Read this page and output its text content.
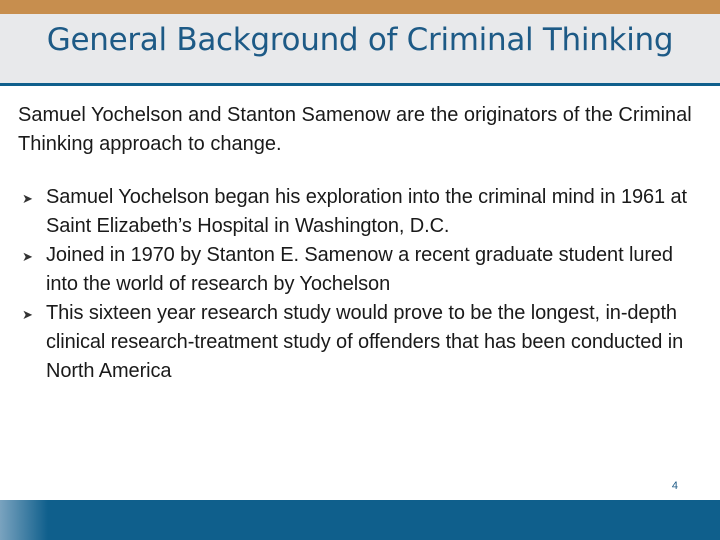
General Background of Criminal Thinking

Samuel Yochelson and Stanton Samenow are the originators of the Criminal Thinking approach to change.

➤ Samuel Yochelson began his exploration into the criminal mind in 1961 at Saint Elizabeth’s Hospital in Washington, D.C.
➤ Joined in 1970 by Stanton E. Samenow a recent graduate student lured into the world of research by Yochelson
➤ This sixteen year research study would prove to be the longest, in-depth clinical research-treatment study of offenders that has been conducted in North America
4
